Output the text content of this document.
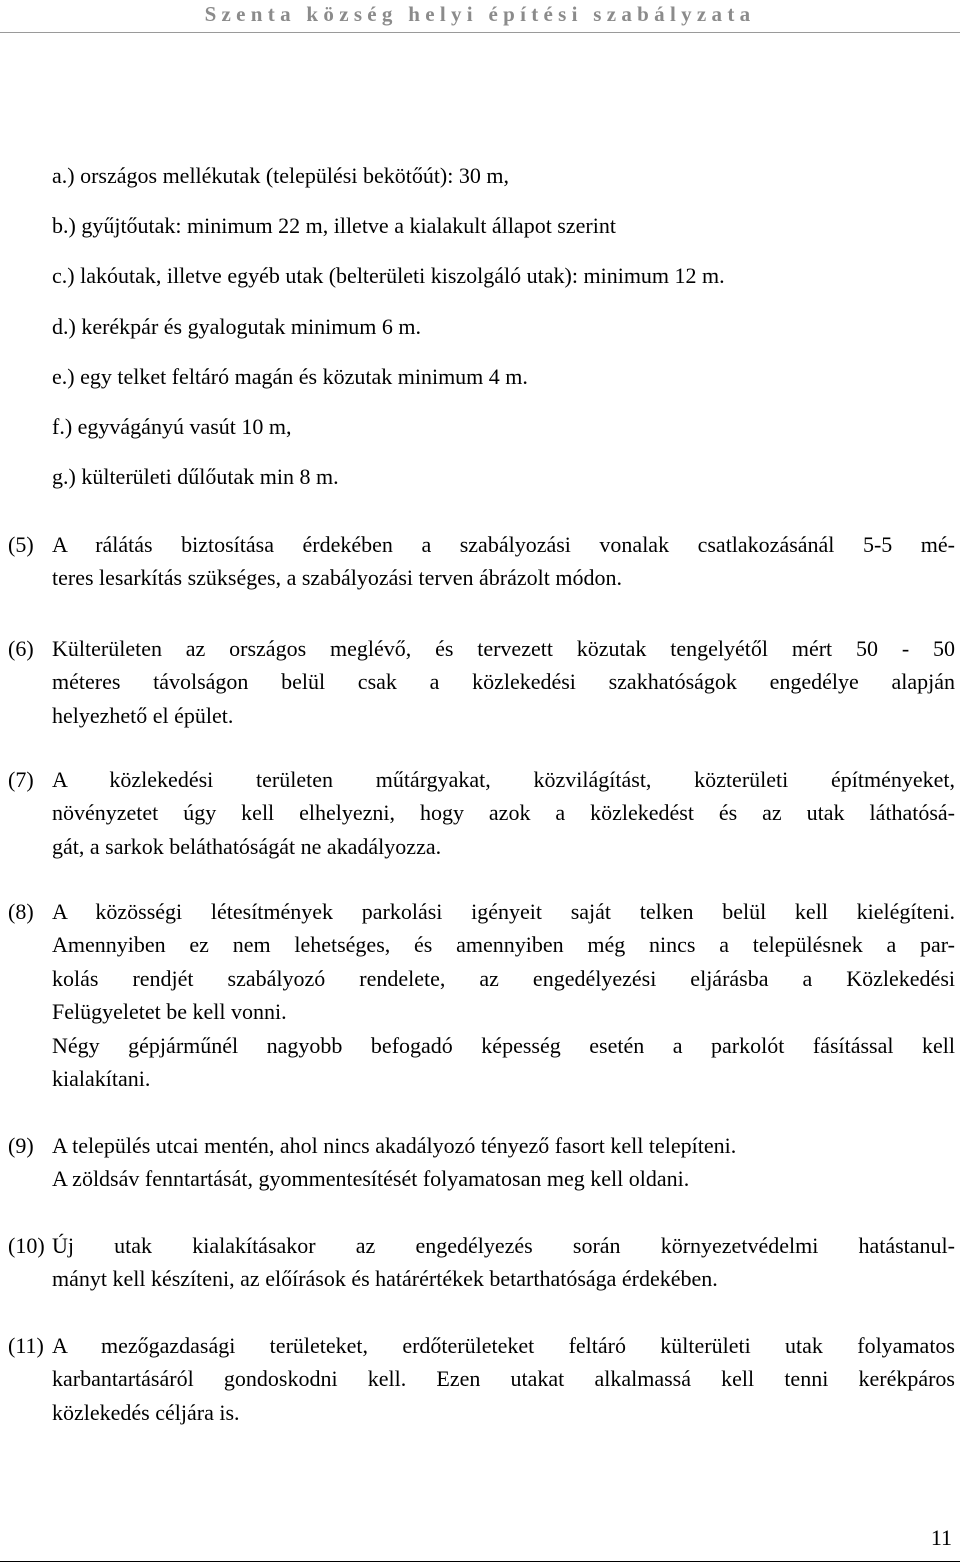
Szenta község helyi építési szabályzata
a.) országos mellékutak (települési bekötőút): 30 m,
b.) gyűjtőutak: minimum 22 m, illetve a kialakult állapot szerint
c.) lakóutak, illetve egyéb utak (belterületi kiszolgáló utak): minimum 12 m.
d.) kerékpár és gyalogutak minimum 6 m.
e.) egy telket feltáró magán és közutak minimum 4 m.
f.) egyvágányú vasút 10 m,
g.) külterületi dűlőutak min 8 m.
(5) A rálátás biztosítása érdekében a szabályozási vonalak csatlakozásánál 5-5 mé-
teres lesarkítás szükséges, a szabályozási terven ábrázolt módon.
(6) Külterületen az országos meglévő, és tervezett közutak tengelyétől mért 50 - 50
méteres távolságon belül csak a közlekedési szakhatóságok engedélye alapján
helyezhető el épület.
(7) A közlekedési területen műtárgyakat, közvilágítást, közterületi építményeket,
növényzetet úgy kell elhelyezni, hogy azok a közlekedést és az utak láthatósá-
gát, a sarkok beláthatóságát ne akadályozza.
(8) A közösségi létesítmények parkolási igényeit saját telken belül kell kielégíteni.
Amennyiben ez nem lehetséges, és amennyiben még nincs a településnek a par-
kolás rendjét szabályozó rendelete, az engedélyezési eljárásba a Közlekedési
Felügyeletet be kell vonni.
Négy gépjárműnél nagyobb befogadó képesség esetén a parkolót fásítással kell
kialakítani.
(9) A település utcai mentén, ahol nincs akadályozó tényező fasort kell telepíteni.
A zöldsáv fenntartását, gyommentesítését folyamatosan meg kell oldani.
(10) Új utak kialakításakor az engedélyezés során környezetvédelmi hatástanul-
mányt kell készíteni, az előírások és határértékek betarthatósága érdekében.
(11) A mezőgazdasági területeket, erdőterületeket feltáró külterületi utak folyamatos
karbantartásáról gondoskodni kell. Ezen utakat alkalmassá kell tenni kerékpáros
közlekedés céljára is.
11
